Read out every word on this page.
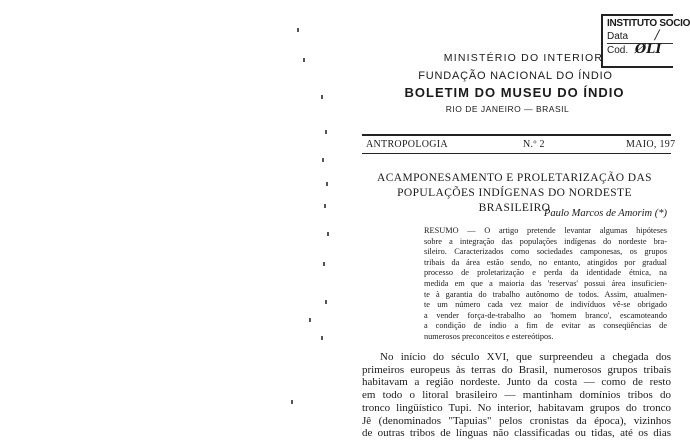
INSTITUTO SOCIO
Data /
Cod. ØLI
MINISTÉRIO DO INTERIOR
FUNDAÇÃO NACIONAL DO ÍNDIO
BOLETIM DO MUSEU DO ÍNDIO
RIO DE JANEIRO — BRASIL
ANTROPOLOGIA	N.º 2	MAIO, 197
ACAMPONESAMENTO E PROLETARIZAÇÃO DAS
POPULAÇÕES INDÍGENAS DO NORDESTE BRASILEIRO
Paulo Marcos de Amorim (*)
RESUMO — O artigo pretende levantar algumas hipóteses
sobre a integração das populações indígenas do nordeste bra-
sileiro. Caracterizados como sociedades camponesas, os grupos
tribais da área estão sendo, no entanto, atingidos por gradual
processo de proletarização e perda da identidade étnica, na
medida em que a maioria das 'reservas' possui área insuficien-
te à garantia do trabalho autônomo de todos. Assim, atualmen-
te um número cada vez maior de indivíduos vê-se obrigado
a vender força-de-trabalho ao 'homem branco', escamoteando
a condição de índio a fim de evitar as conseqüências de
numerosos preconceitos e estereótipos.
No início do século XVI, que surpreendeu a chegada dos
primeiros europeus às terras do Brasil, numerosos grupos tribais
habitavam a região nordeste. Junto da costa — como de resto
em todo o litoral brasileiro — mantinham domínios tribos do
tronco lingüístico Tupi. No interior, habitavam grupos do tronco
Jê (denominados "Tapuias" pelos cronistas da época), vizinhos
de outras tribos de línguas não classificadas ou tidas, até os dias
